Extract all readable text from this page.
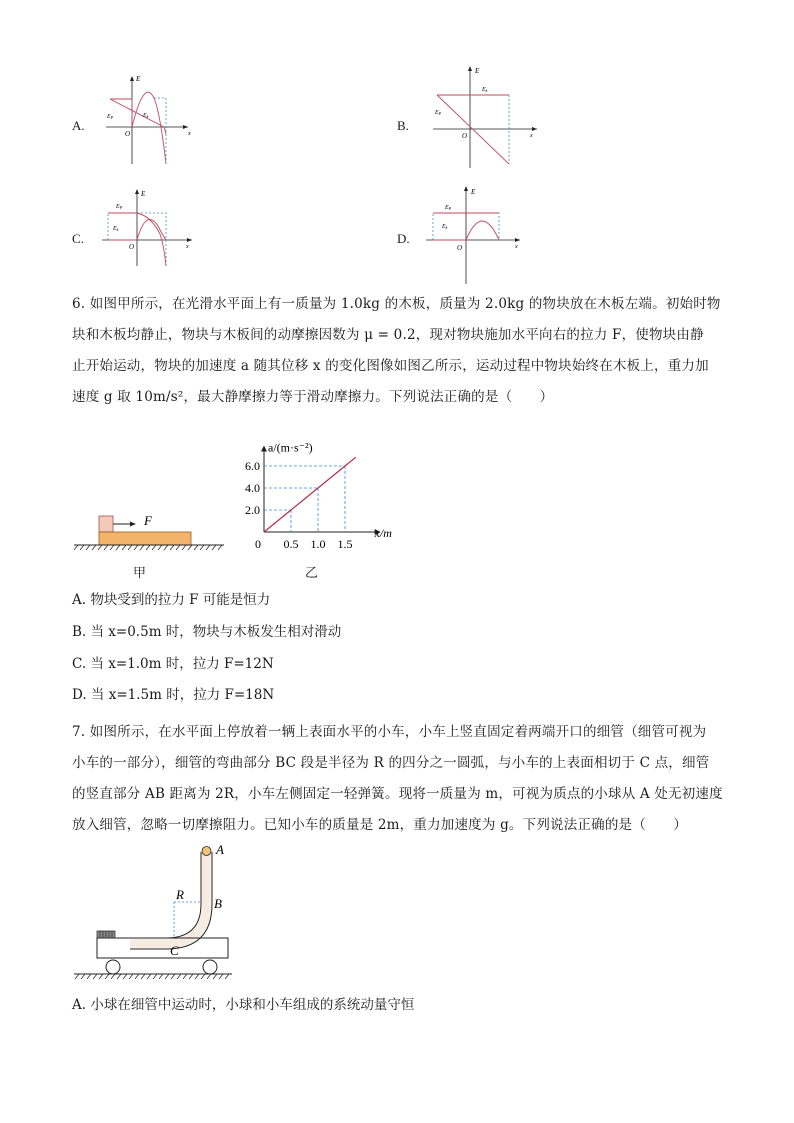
A.
E
O	x
EP	Ek
B.
E
O	x
Ek
EP
C.
E
O	x
EP
Ek
D.
E
O	x
EP
Ek
6. 如图甲所示，在光滑水平面上有一质量为 1.0kg 的木板，质量为 2.0kg 的物块放在木板左端。初始时物
块和木板均静止，物块与木板间的动摩擦因数为 μ = 0.2，现对物块施加水平向右的拉力 F，使物块由静
止开始运动，物块的加速度 a 随其位移 x 的变化图像如图乙所示，运动过程中物块始终在木板上，重力加
速度 g 取 10m/s²，最大静摩擦力等于滑动摩擦力。下列说法正确的是（　　）
F
甲
2.0
4.0
6.0
0.5 1.0 1.5
0
a/(m·s⁻²)
x/m
乙
A. 物块受到的拉力 F 可能是恒力
B. 当 x=0.5m 时，物块与木板发生相对滑动
C. 当 x=1.0m 时，拉力 F=12N
D. 当 x=1.5m 时，拉力 F=18N
7. 如图所示，在水平面上停放着一辆上表面水平的小车，小车上竖直固定着两端开口的细管（细管可视为
小车的一部分），细管的弯曲部分 BC 段是半径为 R 的四分之一圆弧，与小车的上表面相切于 C 点，细管
的竖直部分 AB 距离为 2R，小车左侧固定一轻弹簧。现将一质量为 m，可视为质点的小球从 A 处无初速度
放入细管，忽略一切摩擦阻力。已知小车的质量是 2m，重力加速度为 g。下列说法正确的是（　　）
A
B
C
R
A. 小球在细管中运动时，小球和小车组成的系统动量守恒
